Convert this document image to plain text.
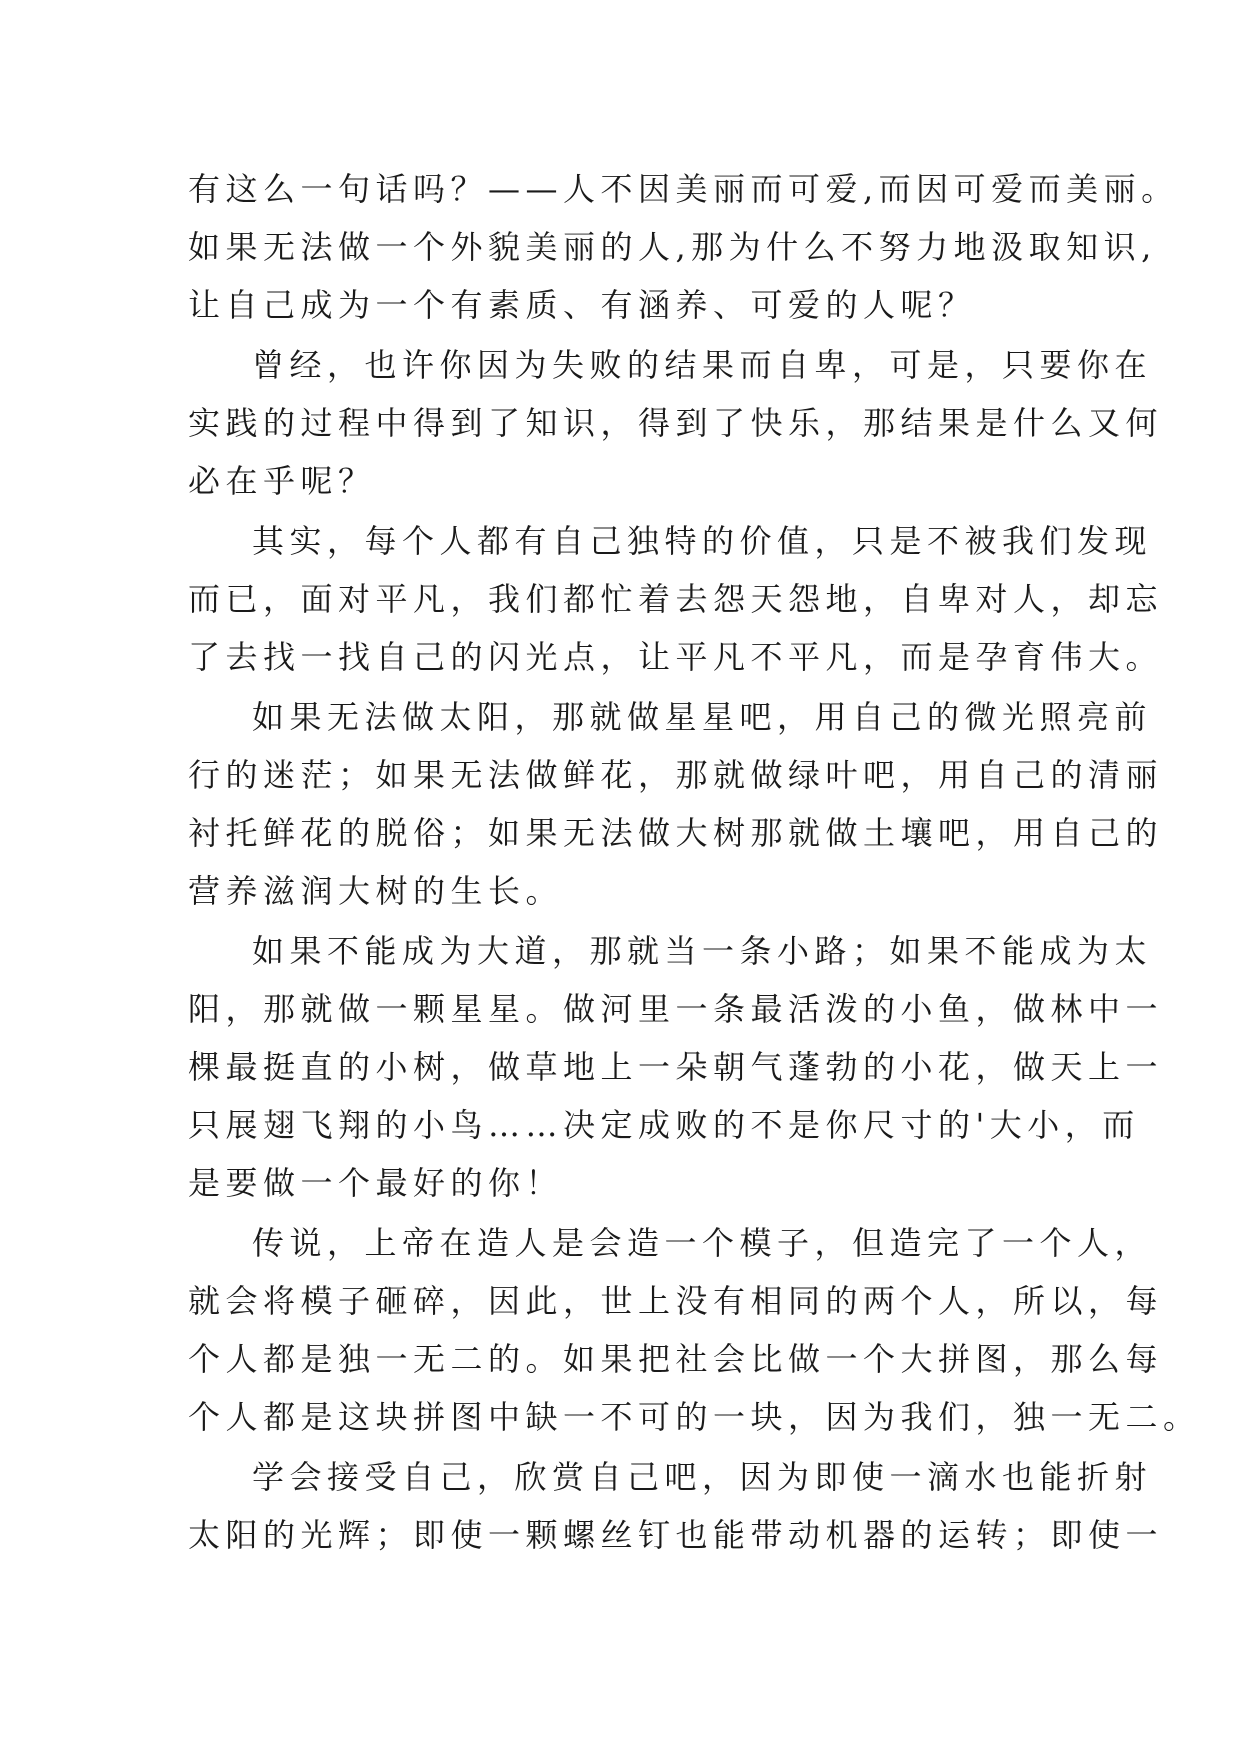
有这么一句话吗？——人不因美丽而可爱,而因可爱而美丽。
如果无法做一个外貌美丽的人,那为什么不努力地汲取知识,
让自己成为一个有素质、有涵养、可爱的人呢？
曾经，也许你因为失败的结果而自卑，可是，只要你在
实践的过程中得到了知识，得到了快乐，那结果是什么又何
必在乎呢？
其实，每个人都有自己独特的价值，只是不被我们发现
而已，面对平凡，我们都忙着去怨天怨地，自卑对人，却忘
了去找一找自己的闪光点，让平凡不平凡，而是孕育伟大。
如果无法做太阳，那就做星星吧，用自己的微光照亮前
行的迷茫；如果无法做鲜花，那就做绿叶吧，用自己的清丽
衬托鲜花的脱俗；如果无法做大树那就做土壤吧，用自己的
营养滋润大树的生长。
如果不能成为大道，那就当一条小路；如果不能成为太
阳，那就做一颗星星。做河里一条最活泼的小鱼，做林中一
棵最挺直的小树，做草地上一朵朝气蓬勃的小花，做天上一
只展翅飞翔的小鸟……决定成败的不是你尺寸的'大小，而
是要做一个最好的你！
传说，上帝在造人是会造一个模子，但造完了一个人，
就会将模子砸碎，因此，世上没有相同的两个人，所以，每
个人都是独一无二的。如果把社会比做一个大拼图，那么每
个人都是这块拼图中缺一不可的一块，因为我们，独一无二。
学会接受自己，欣赏自己吧，因为即使一滴水也能折射
太阳的光辉；即使一颗螺丝钉也能带动机器的运转；即使一
